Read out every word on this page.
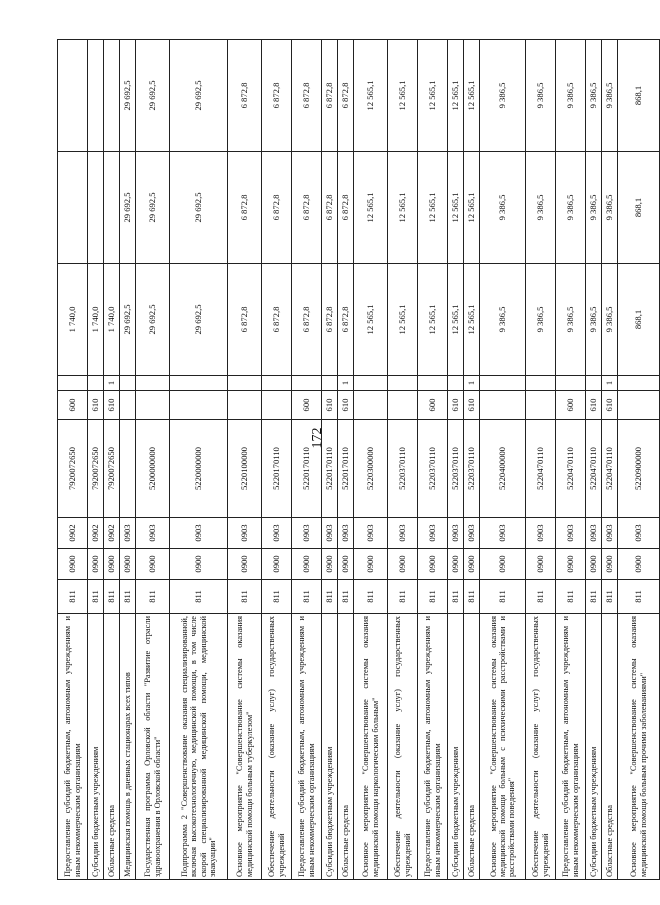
172
Предоставление субсидий бюджетным, автономным учреждениям и иным некоммерческим организациям	811	0900	0902	7920072650	600		1 740,0		
Субсидии бюджетным учреждениям	811	0900	0902	7920072650	610		1 740,0		
Областные средства	811	0900	0902	7920072650	610	1	1 740,0		
Медицинская помощь в дневных стационарах всех типов	811	0900	0903				29 692,5	29 692,5	29 692,5
Государственная программа Орловской области "Развитие отрасли здравоохранения в Орловской области"	811	0900	0903	5200000000			29 692,5	29 692,5	29 692,5
Подпрограмма 2 "Совершенствование оказания специализированной, включая высокотехнологичную, медицинской помощи, в том числе скорой специализированной медицинской помощи, медицинской эвакуации"	811	0900	0903	5220000000			29 692,5	29 692,5	29 692,5
Основное мероприятие "Совершенствование системы оказания медицинской помощи больным туберкулезом"	811	0900	0903	5220100000			6 872,8	6 872,8	6 872,8
Обеспечение деятельности (оказание услуг) государственных учреждений	811	0900	0903	5220170110			6 872,8	6 872,8	6 872,8
Предоставление субсидий бюджетным, автономным учреждениям и иным некоммерческим организациям	811	0900	0903	5220170110	600		6 872,8	6 872,8	6 872,8
Субсидии бюджетным учреждениям	811	0900	0903	5220170110	610		6 872,8	6 872,8	6 872,8
Областные средства	811	0900	0903	5220170110	610	1	6 872,8	6 872,8	6 872,8
Основное мероприятие "Совершенствование системы оказания медицинской помощи наркологическим больным"	811	0900	0903	5220300000			12 565,1	12 565,1	12 565,1
Обеспечение деятельности (оказание услуг) государственных учреждений	811	0900	0903	5220370110			12 565,1	12 565,1	12 565,1
Предоставление субсидий бюджетным, автономным учреждениям и иным некоммерческим организациям	811	0900	0903	5220370110	600		12 565,1	12 565,1	12 565,1
Субсидии бюджетным учреждениям	811	0900	0903	5220370110	610		12 565,1	12 565,1	12 565,1
Областные средства	811	0900	0903	5220370110	610	1	12 565,1	12 565,1	12 565,1
Основное мероприятие "Совершенствование системы оказания медицинской помощи больным с психическими расстройствами и расстройствами поведения"	811	0900	0903	5220400000			9 386,5	9 386,5	9 386,5
Обеспечение деятельности (оказание услуг) государственных учреждений	811	0900	0903	5220470110			9 386,5	9 386,5	9 386,5
Предоставление субсидий бюджетным, автономным учреждениям и иным некоммерческим организациям	811	0900	0903	5220470110	600		9 386,5	9 386,5	9 386,5
Субсидии бюджетным учреждениям	811	0900	0903	5220470110	610		9 386,5	9 386,5	9 386,5
Областные средства	811	0900	0903	5220470110	610	1	9 386,5	9 386,5	9 386,5
Основное мероприятие "Совершенствование системы оказания медицинской помощи больным прочими заболеваниями"	811	0900	0903	5220900000			868,1	868,1	868,1
